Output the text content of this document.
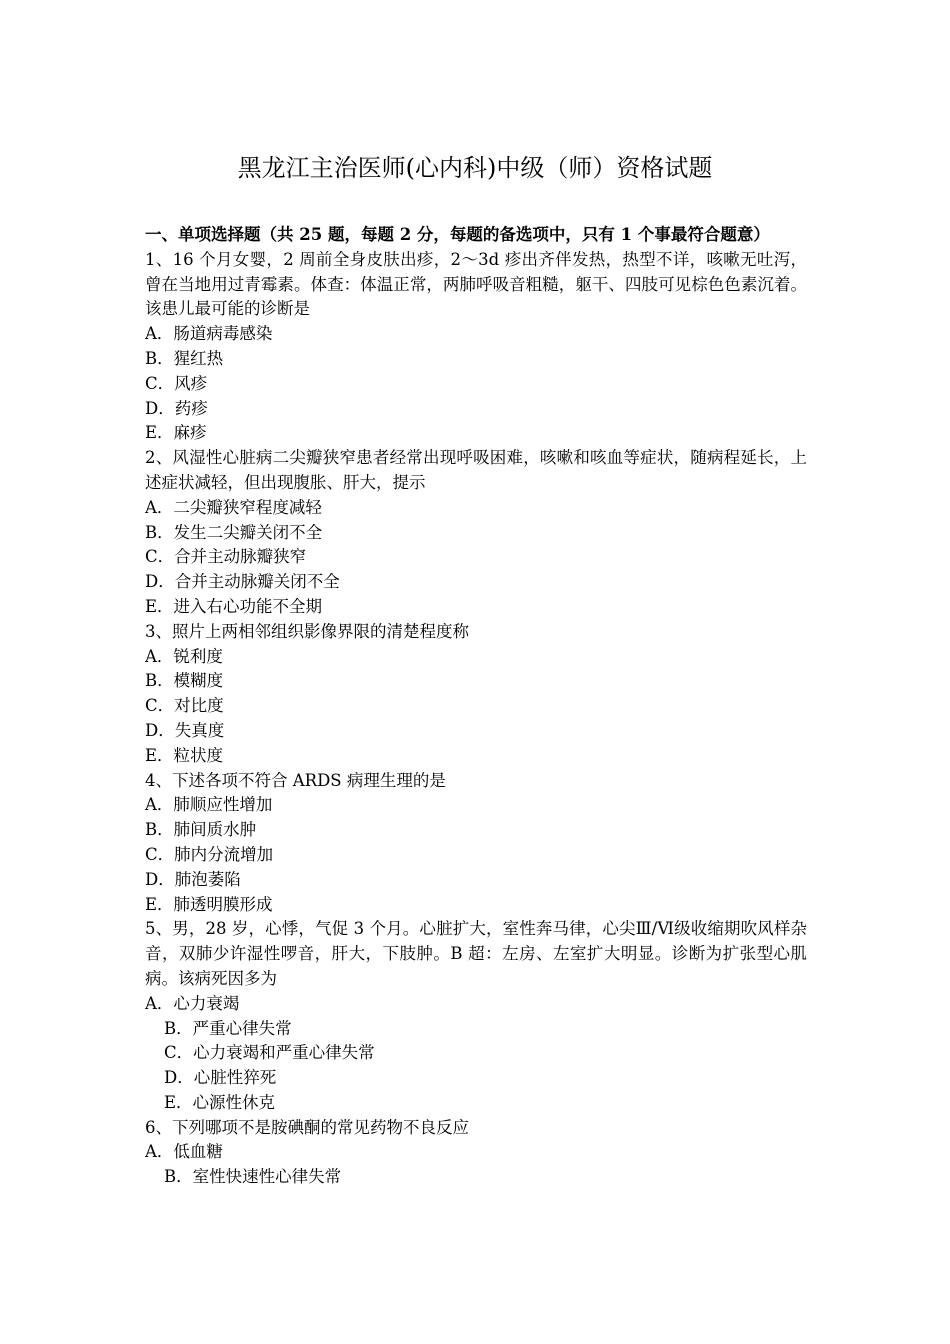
黑龙江主治医师(心内科)中级（师）资格试题
一、单项选择题（共 25 题，每题 2 分，每题的备选项中，只有 1 个事最符合题意）
1、16 个月女婴，2 周前全身皮肤出疹，2～3d 疹出齐伴发热，热型不详，咳嗽无吐泻，曾在当地用过青霉素。体查：体温正常，两肺呼吸音粗糙，躯干、四肢可见棕色色素沉着。该患儿最可能的诊断是
A．肠道病毒感染
B．猩红热
C．风疹
D．药疹
E．麻疹
2、风湿性心脏病二尖瓣狭窄患者经常出现呼吸困难，咳嗽和咳血等症状，随病程延长，上述症状减轻，但出现腹胀、肝大，提示
A．二尖瓣狭窄程度减轻
B．发生二尖瓣关闭不全
C．合并主动脉瓣狭窄
D．合并主动脉瓣关闭不全
E．进入右心功能不全期
3、照片上两相邻组织影像界限的清楚程度称
A．锐利度
B．模糊度
C．对比度
D．失真度
E．粒状度
4、下述各项不符合 ARDS 病理生理的是
A．肺顺应性增加
B．肺间质水肿
C．肺内分流增加
D．肺泡萎陷
E．肺透明膜形成
5、男，28 岁，心悸，气促 3 个月。心脏扩大，室性奔马律，心尖Ⅲ/Ⅵ级收缩期吹风样杂音，双肺少许湿性啰音，肝大，下肢肿。B 超：左房、左室扩大明显。诊断为扩张型心肌病。该病死因多为
A．心力衰竭
B．严重心律失常
C．心力衰竭和严重心律失常
D．心脏性猝死
E．心源性休克
6、下列哪项不是胺碘酮的常见药物不良反应
A．低血糖
B．室性快速性心律失常
